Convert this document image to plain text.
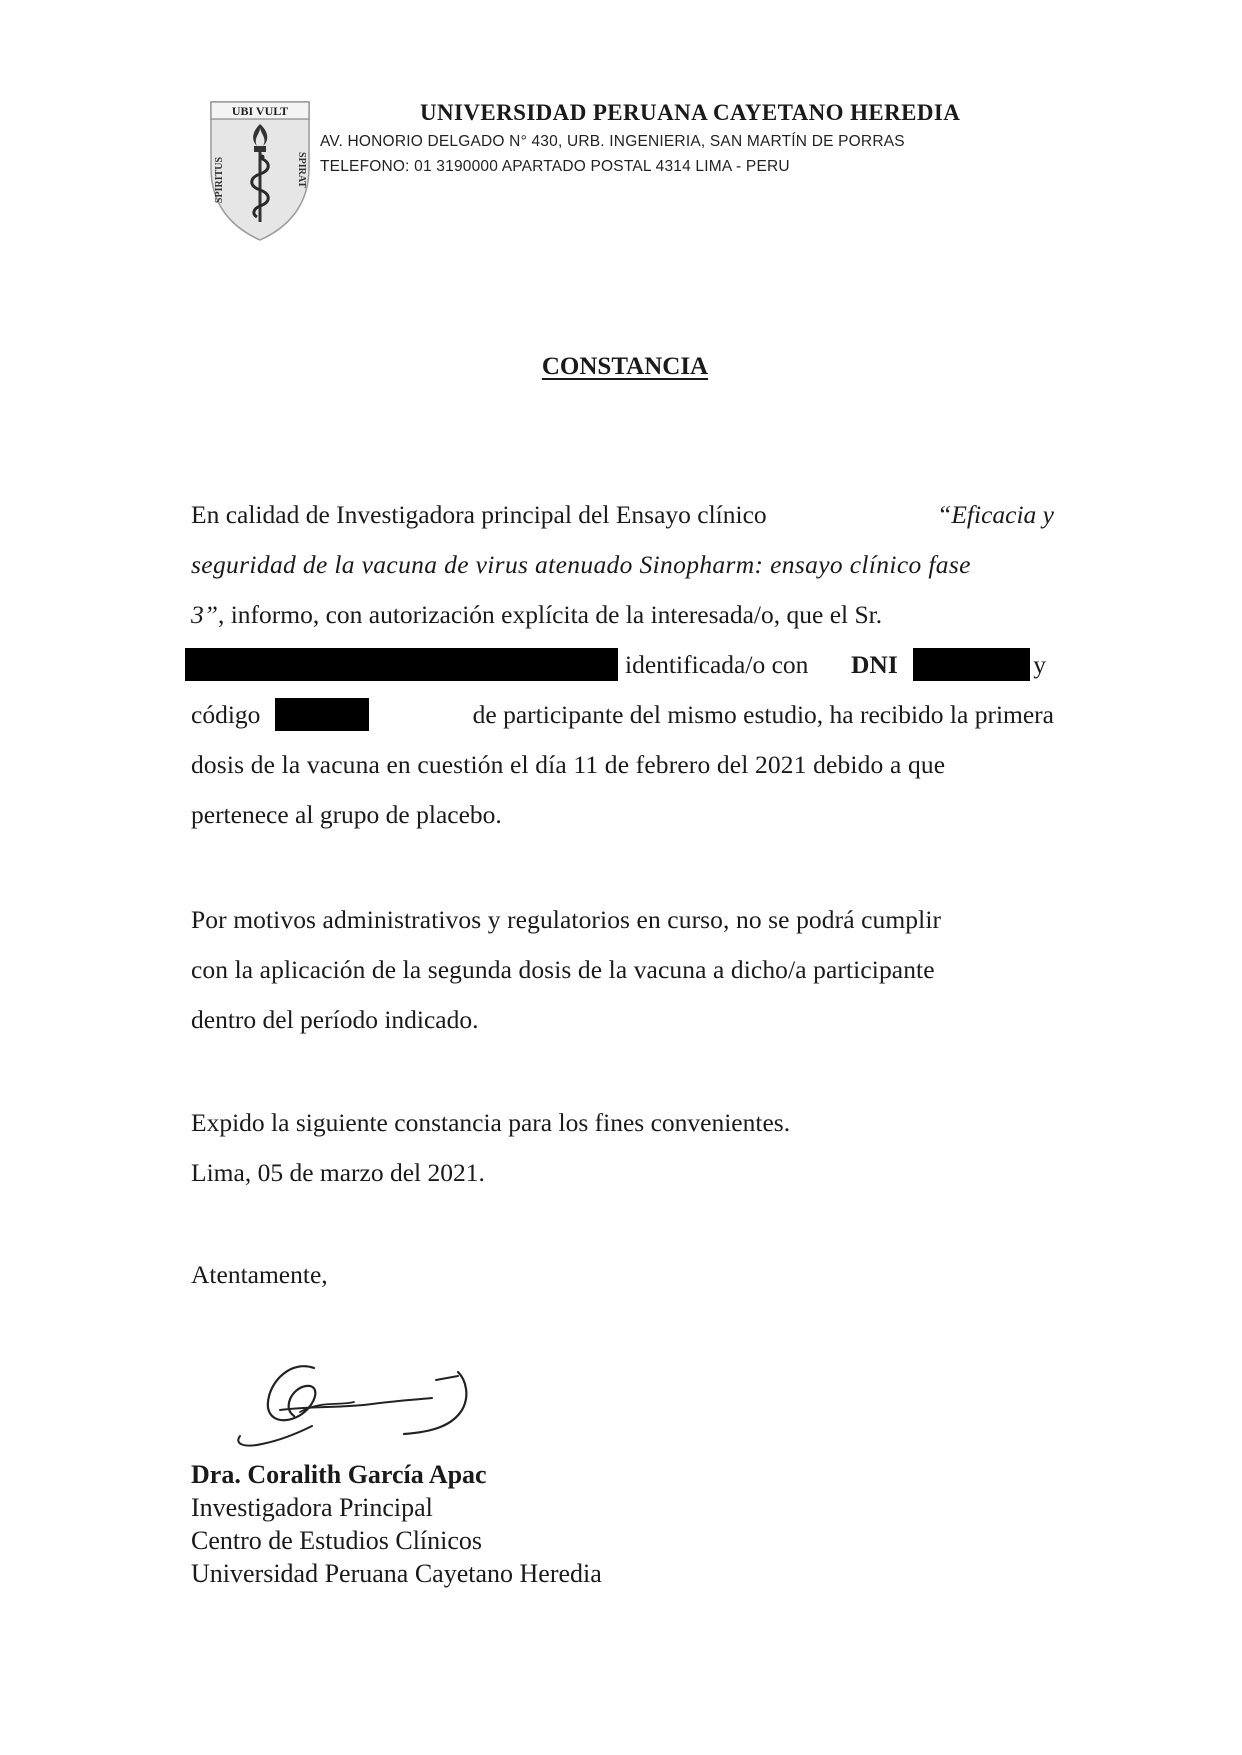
UBI VULT
SPIRITUS	SPIRAT
UNIVERSIDAD PERUANA CAYETANO HEREDIA
AV. HONORIO DELGADO N° 430, URB. INGENIERIA, SAN MARTÍN DE PORRAS
TELEFONO: 01 3190000 APARTADO POSTAL 4314 LIMA - PERU
CONSTANCIA
En calidad de Investigadora principal del Ensayo clínico	“Eficacia y
seguridad de la vacuna de virus atenuado Sinopharm: ensayo clínico fase
3”, informo, con autorización explícita de la interesada/o, que el Sr.
identificada/o con DNI	y
código	de participante del mismo estudio, ha recibido la primera
dosis de la vacuna en cuestión el día 11 de febrero del 2021 debido a que
pertenece al grupo de placebo.
Por motivos administrativos y regulatorios en curso, no se podrá cumplir
con la aplicación de la segunda dosis de la vacuna a dicho/a participante
dentro del período indicado.
Expido la siguiente constancia para los fines convenientes.
Lima, 05 de marzo del 2021.
Atentamente,
Dra. Coralith García Apac
Investigadora Principal
Centro de Estudios Clínicos
Universidad Peruana Cayetano Heredia
